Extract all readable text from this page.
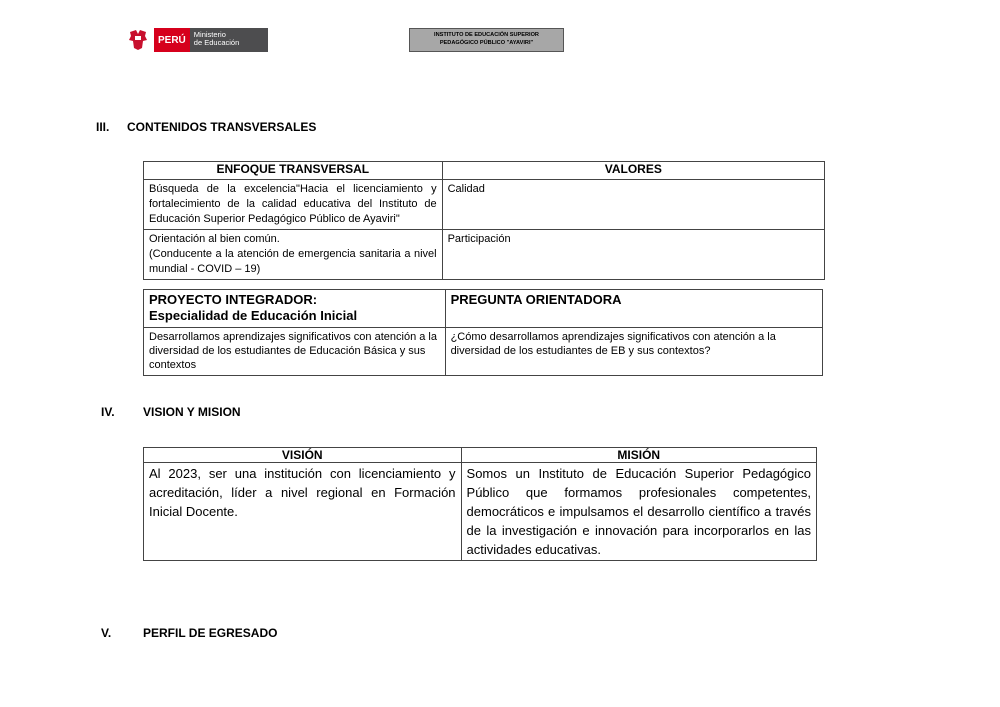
PERÚ	Ministerio
de Educación
INSTITUTO DE EDUCACIÓN SUPERIOR
PEDAGÓGICO PÚBLICO "AYAVIRI"
III. CONTENIDOS TRANSVERSALES
ENFOQUE TRANSVERSAL	VALORES
Búsqueda de la excelencia"Hacia el licenciamiento y fortalecimiento de la calidad educativa del Instituto de Educación Superior Pedagógico Público de Ayaviri"	Calidad

Orientación al bien común.
(Conducente a la atención de emergencia sanitaria a nivel mundial - COVID – 19)	Participación
PROYECTO INTEGRADOR:
Especialidad de Educación Inicial	PREGUNTA ORIENTADORA
Desarrollamos aprendizajes significativos con atención a la diversidad de los estudiantes de Educación Básica y sus contextos	¿Cómo desarrollamos aprendizajes significativos con atención a la diversidad de los estudiantes de EB y sus contextos?
IV. VISION Y MISION
VISIÓN	MISIÓN
Al 2023, ser una institución con licenciamiento y acreditación, líder a nivel regional en Formación Inicial Docente.	Somos un Instituto de Educación Superior Pedagógico Público que formamos profesionales competentes, democráticos e impulsamos el desarrollo científico a través de la investigación e innovación para incorporarlos en las actividades educativas.
V.	PERFIL DE EGRESADO
